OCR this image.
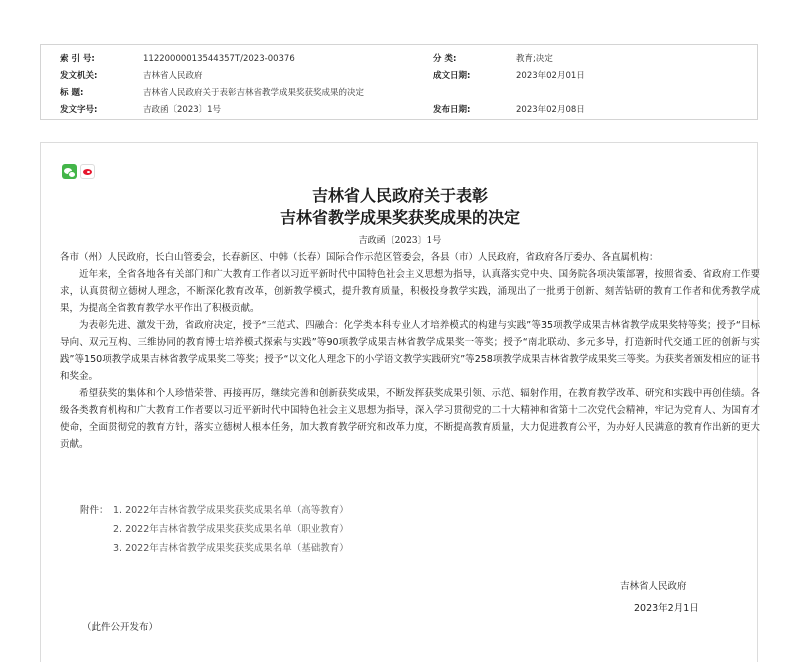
索 引 号:	11220000013544357T/2023-00376	分 类:	教育;决定
发文机关:	吉林省人民政府	成文日期:	2023年02月01日
标 题:	吉林省人民政府关于表彰吉林省教学成果奖获奖成果的决定
发文字号:	吉政函〔2023〕1号	发布日期:	2023年02月08日
吉林省人民政府关于表彰
吉林省教学成果奖获奖成果的决定
吉政函〔2023〕1号

各市（州）人民政府，长白山管委会，长春新区、中韩（长春）国际合作示范区管委会，各县（市）人民政府，省政府各厅委办、各直属机构：

近年来，全省各地各有关部门和广大教育工作者以习近平新时代中国特色社会主义思想为指导，认真落实党中央、国务院各项决策部署，按照省委、省政府工作要求，认真贯彻立德树人理念，不断深化教育改革，创新教学模式，提升教育质量，积极投身教学实践，涌现出了一批勇于创新、刻苦钻研的教育工作者和优秀教学成果，为提高全省教育教学水平作出了积极贡献。

为表彰先进、激发干劲，省政府决定，授予“三范式、四融合：化学类本科专业人才培养模式的构建与实践”等35项教学成果吉林省教学成果奖特等奖；授予“目标导向、双元互构、三维协同的教育博士培养模式探索与实践”等90项教学成果吉林省教学成果奖一等奖；授予“南北联动、多元多导，打造新时代交通工匠的创新与实践”等150项教学成果吉林省教学成果奖二等奖；授予“以文化人理念下的小学语文教学实践研究”等258项教学成果吉林省教学成果奖三等奖。为获奖者颁发相应的证书和奖金。

希望获奖的集体和个人珍惜荣誉、再接再厉，继续完善和创新获奖成果，不断发挥获奖成果引领、示范、辐射作用，在教育教学改革、研究和实践中再创佳绩。各级各类教育机构和广大教育工作者要以习近平新时代中国特色社会主义思想为指导，深入学习贯彻党的二十大精神和省第十二次党代会精神，牢记为党育人、为国育才使命，全面贯彻党的教育方针，落实立德树人根本任务，加大教育教学研究和改革力度，不断提高教育质量，大力促进教育公平，为办好人民满意的教育作出新的更大贡献。

附件： 1. 2022年吉林省教学成果奖获奖成果名单（高等教育）
2. 2022年吉林省教学成果奖获奖成果名单（职业教育）
3. 2022年吉林省教学成果奖获奖成果名单（基础教育）
吉林省人民政府
2023年2月1日
（此件公开发布）
